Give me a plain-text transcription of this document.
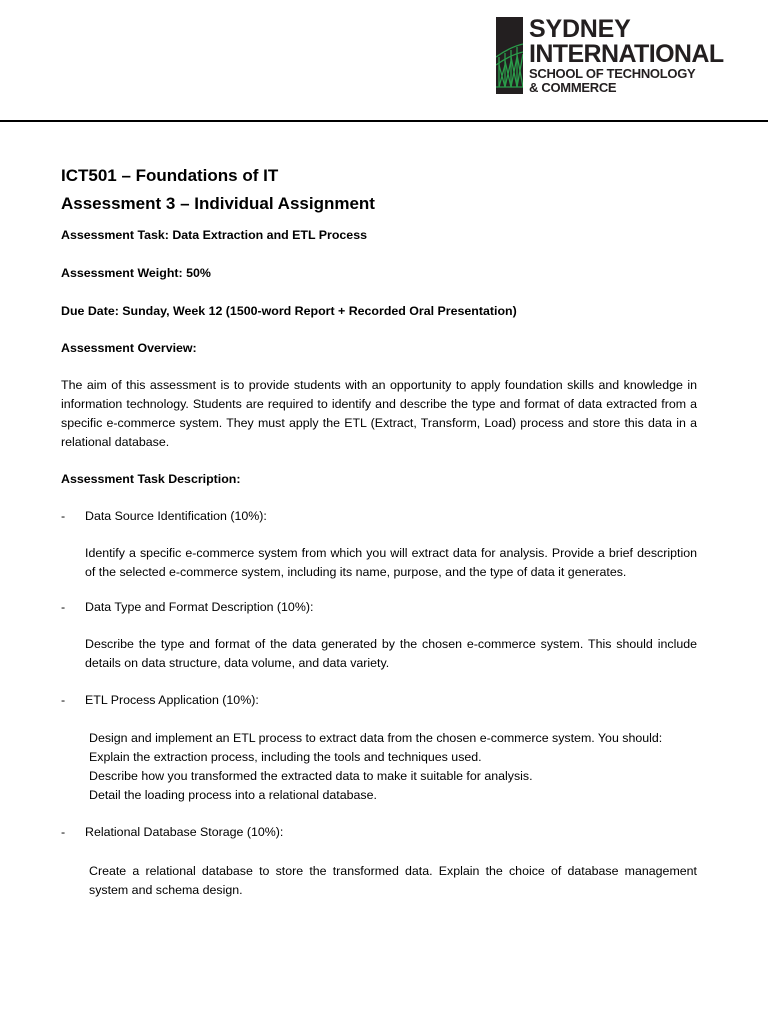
SYDNEY
INTERNATIONAL
SCHOOL OF TECHNOLOGY
& COMMERCE

ICT501 – Foundations of IT

Assessment 3 – Individual Assignment

Assessment Task: Data Extraction and ETL Process

Assessment Weight: 50%

Due Date: Sunday, Week 12 (1500-word Report + Recorded Oral Presentation)

Assessment Overview:

The aim of this assessment is to provide students with an opportunity to apply foundation skills and knowledge in information technology. Students are required to identify and describe the type and format of data extracted from a specific e-commerce system. They must apply the ETL (Extract, Transform, Load) process and store this data in a relational database.

Assessment Task Description:

- Data Source Identification (10%):

Identify a specific e-commerce system from which you will extract data for analysis. Provide a brief description of the selected e-commerce system, including its name, purpose, and the type of data it generates.

- Data Type and Format Description (10%):

Describe the type and format of the data generated by the chosen e-commerce system. This should include details on data structure, data volume, and data variety.

- ETL Process Application (10%):

Design and implement an ETL process to extract data from the chosen e-commerce system. You should:

Explain the extraction process, including the tools and techniques used.

Describe how you transformed the extracted data to make it suitable for analysis.

Detail the loading process into a relational database.

- Relational Database Storage (10%):

Create a relational database to store the transformed data. Explain the choice of database management system and schema design.
